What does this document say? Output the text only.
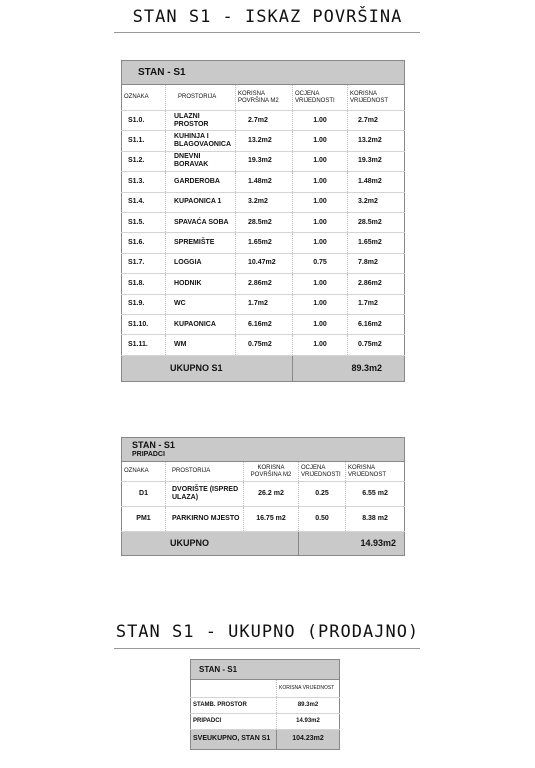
STAN S1 - ISKAZ POVRŠINA
STAN - S1				
OZNAKA	PROSTORIJA	KORISNA POVRŠINA M2	OCJENA VRIJEDNOSTI	KORISNA VRIJEDNOST
S1.0.	ULAZNI PROSTOR	2.7m2	1.00	2.7m2
S1.1.	KUHINJA I BLAGOVAONICA	13.2m2	1.00	13.2m2
S1.2.	DNEVNI BORAVAK	19.3m2	1.00	19.3m2
S1.3.	GARDEROBA	1.48m2	1.00	1.48m2
S1.4.	KUPAONICA 1	3.2m2	1.00	3.2m2
S1.5.	SPAVAĆA SOBA	28.5m2	1.00	28.5m2
S1.6.	SPREMIŠTE	1.65m2	1.00	1.65m2
S1.7.	LOGGIA	10.47m2	0.75	7.8m2
S1.8.	HODNIK	2.86m2	1.00	2.86m2
S1.9.	WC	1.7m2	1.00	1.7m2
S1.10.	KUPAONICA	6.16m2	1.00	6.16m2
S1.11.	WM	0.75m2	1.00	0.75m2
UKUPNO S1			89.3m2	
STAN - S1
PRIPADCI				

OZNAKA	PROSTORIJA	KORISNA POVRŠINA M2	OCJENA VRIJEDNOSTI	KORISNA VRIJEDNOST
D1	DVORIŠTE (ISPRED ULAZA)	26.2 m2	0.25	6.55 m2
PM1	PARKIRNO MJESTO	16.75 m2	0.50	8.38 m2
UKUPNO			14.93m2	
STAN S1 - UKUPNO (PRODAJNO)
STAN - S1	
	KORISNA VRIJEDNOST
STAMB. PROSTOR	89.3m2
PRIPADCI	14.93m2
SVEUKUPNO, STAN S1	104.23m2
